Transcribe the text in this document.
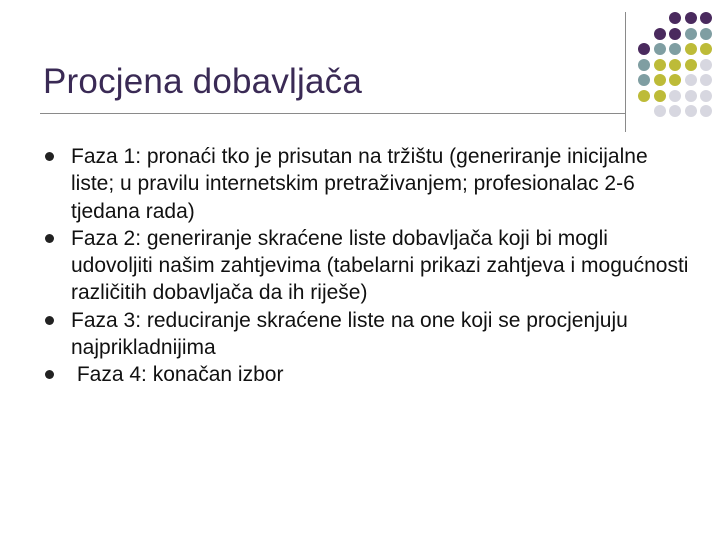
Procjena dobavljača
Faza 1: pronaći tko je prisutan na tržištu (generiranje inicijalne liste; u pravilu internetskim pretraživanjem; profesionalac 2-6 tjedana rada)
Faza 2: generiranje skraćene liste dobavljača koji bi mogli udovoljiti našim zahtjevima (tabelarni prikazi zahtjeva i mogućnosti različitih dobavljača da ih riješe)
Faza 3: reduciranje skraćene liste na one koji se procjenjuju najprikladnijima
Faza 4: konačan izbor
